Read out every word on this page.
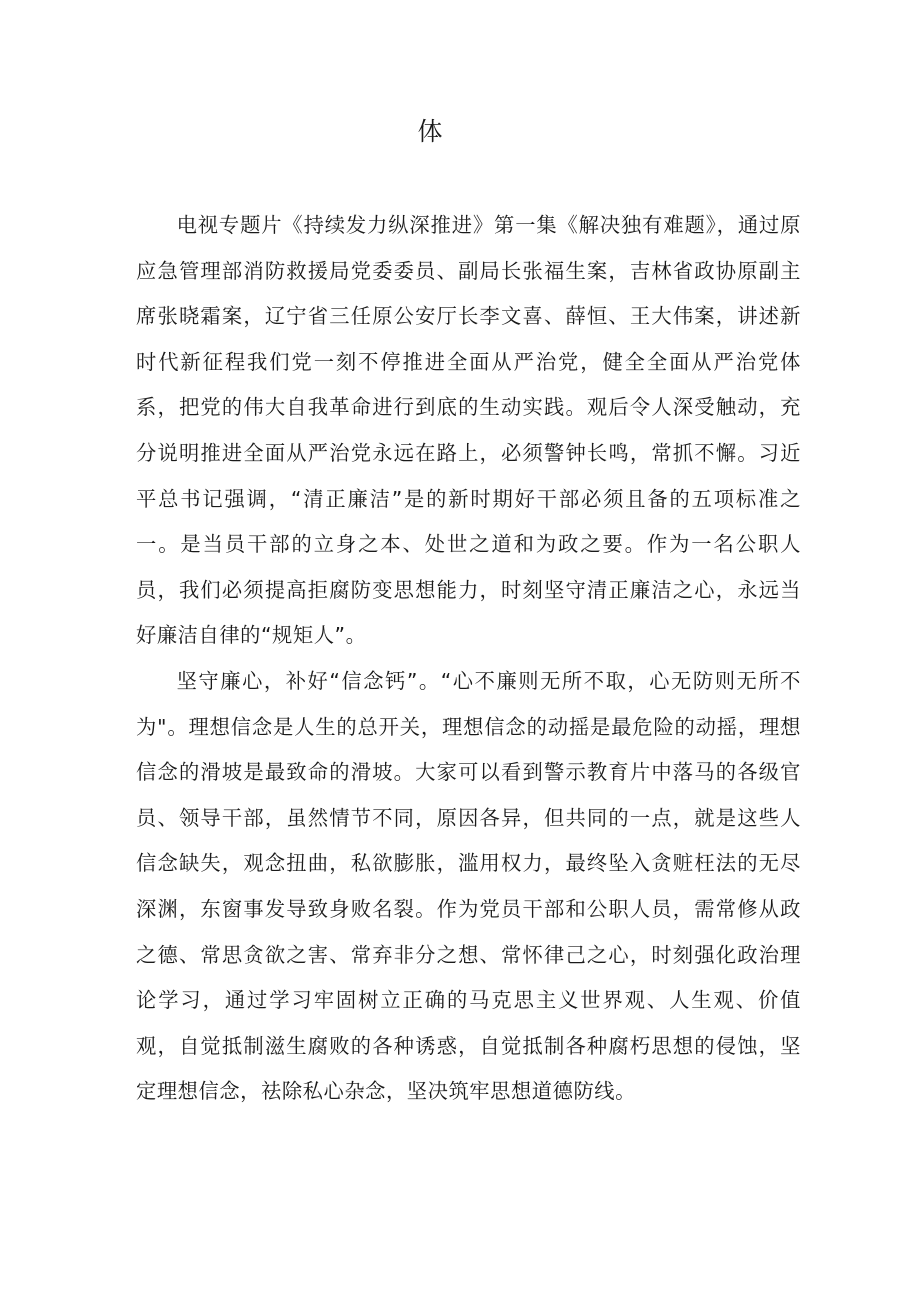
体

电视专题片《持续发力纵深推进》第一集《解决独有难题》，通过原应急管理部消防救援局党委委员、副局长张福生案，吉林省政协原副主席张晓霜案，辽宁省三任原公安厅长李文喜、薛恒、王大伟案，讲述新时代新征程我们党一刻不停推进全面从严治党，健全全面从严治党体系，把党的伟大自我革命进行到底的生动实践。观后令人深受触动，充分说明推进全面从严治党永远在路上，必须警钟长鸣，常抓不懈。习近平总书记强调，“清正廉洁”是的新时期好干部必须且备的五项标准之一。是当员干部的立身之本、处世之道和为政之要。作为一名公职人员，我们必须提高拒腐防变思想能力，时刻坚守清正廉洁之心，永远当好廉洁自律的“规矩人”。

坚守廉心，补好“信念钙”。“心不廉则无所不取，心无防则无所不为"。理想信念是人生的总开关，理想信念的动摇是最危险的动摇，理想信念的滑坡是最致命的滑坡。大家可以看到警示教育片中落马的各级官员、领导干部，虽然情节不同，原因各异，但共同的一点，就是这些人信念缺失，观念扭曲，私欲膨胀，滥用权力，最终坠入贪赃枉法的无尽深渊，东窗事发导致身败名裂。作为党员干部和公职人员，需常修从政之德、常思贪欲之害、常弃非分之想、常怀律己之心，时刻强化政治理论学习，通过学习牢固树立正确的马克思主义世界观、人生观、价值观，自觉抵制滋生腐败的各种诱惑，自觉抵制各种腐朽思想的侵蚀，坚定理想信念，祛除私心杂念，坚决筑牢思想道德防线。
